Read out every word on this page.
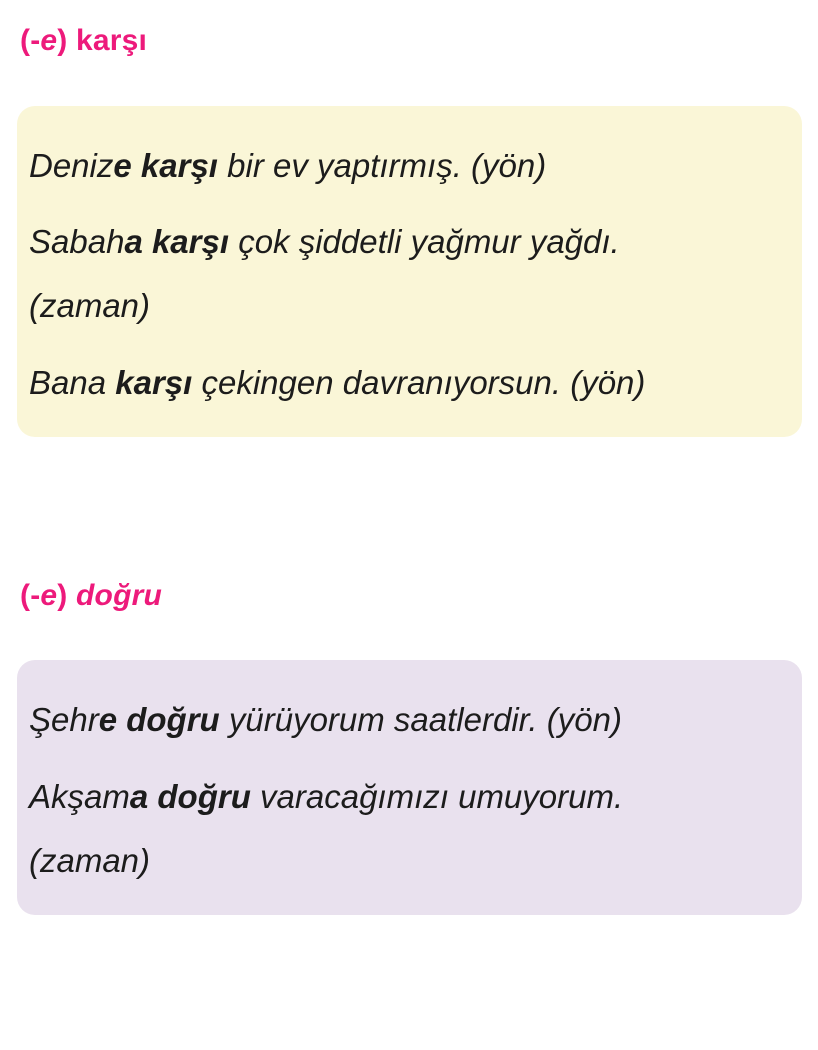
(-e) karşı

Denize karşı bir ev yaptırmış. (yön)

Sabaha karşı çok şiddetli yağmur yağdı.
(zaman)

Bana karşı çekingen davranıyorsun. (yön)

(-e) doğru

Şehre doğru yürüyorum saatlerdir. (yön)

Akşama doğru varacağımızı umuyorum.
(zaman)
